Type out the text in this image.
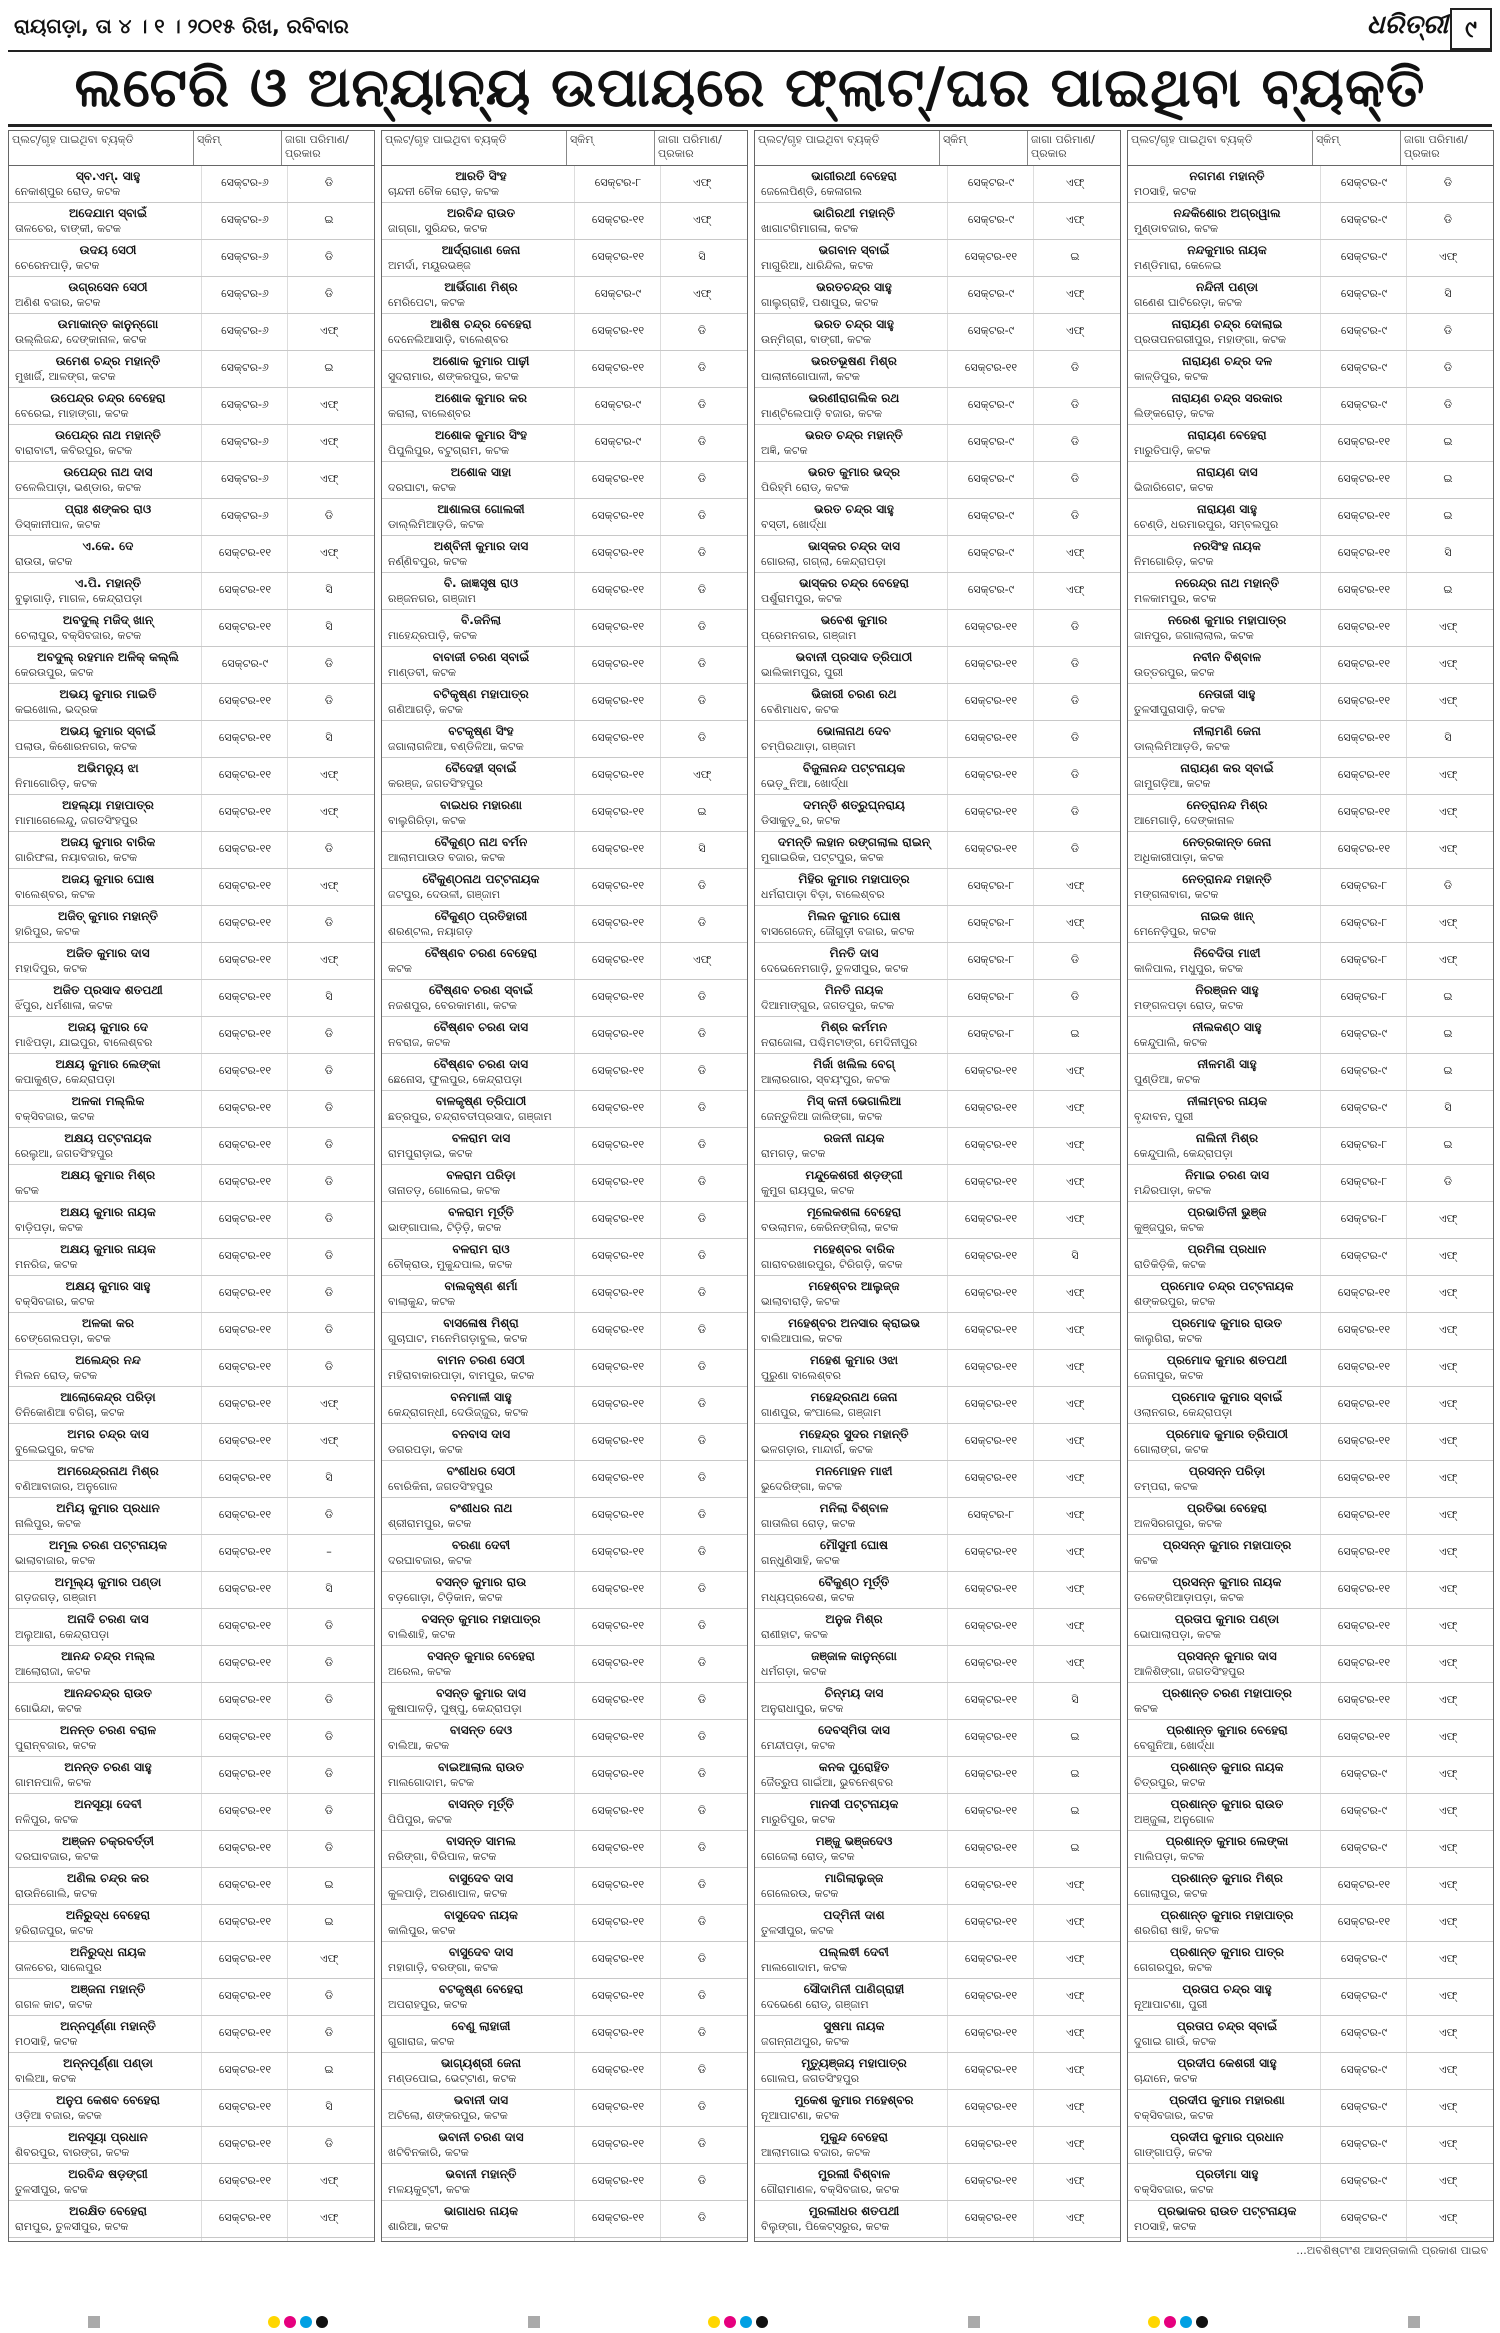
ରାୟଗଡ଼ା, ତା ୪ । ୧ । ୨୦୧୫ ରିଖ, ରବିବାର	ଧରିତ୍ରୀ ୯
ଲଟେରି ଓ ଅନ୍ୟାନ୍ୟ ଉପାୟରେ ଫ୍ଲାଟ୍/ଘର ପାଇଥିବା ବ୍ୟକ୍ତି
ପ୍ଲଟ୍/ଗୃହ ପାଇଥିବା ବ୍ୟକ୍ତି	ସ୍କିମ୍	ଜାଗା ପରିମାଣ/ ପ୍ରକାର
ସ୍ବ.ଏମ୍. ସାହୁ
ନେକାଶ୍‌ପୁର ରୋଡ୍, କଟକ
ସେକ୍ଟର-୬	ଡି
ଅଦେଯାମ ସ୍ବାଇଁ
ତାଳଚେର, ବାଙ୍କୀ, କଟକ
ସେକ୍ଟର-୬	ଇ
ଉଦୟ ସେଠୀ
ଚେରେନପାଡ଼ି, କଟକ
ସେକ୍ଟର-୬	ଡି
ଉଗ୍ରସେନ ସେଠୀ
ଅଣିଶ ବଜାର, କଟକ
ସେକ୍ଟର-୬	ଡି
ଉମାକାନ୍ତ କାନୁନ୍‌ଗୋ
ଉଲ୍ଲିଜନ୍ଦ, ଦେଙ୍କାନାଳ, କଟକ
ସେକ୍ଟର-୬	ଏଫ୍
ଉମେଶ ଚନ୍ଦ୍ର ମହାନ୍ତି
ମୁଖାର୍ଜି, ଆଳଙ୍ଗ, କଟକ
ସେକ୍ଟର-୬	ଇ
ଉପେନ୍ଦ୍ର ଚନ୍ଦ୍ର ବେହେରା
ବେରେଇ, ମାହାଙ୍ଗା, କଟକ
ସେକ୍ଟର-୬	ଏଫ୍
ଉପେନ୍ଦ୍ର ନାଥ ମହାନ୍ତି
ବାରାବାଟୀ, କବିରପୁର, କଟକ
ସେକ୍ଟର-୬	ଏଫ୍
ଉପେନ୍ଦ୍ର ନାଥ ଦାସ
ତଳେଲିପାଡ଼ା, ଭଣ୍ଡାର, କଟକ
ସେକ୍ଟର-୬	ଏଫ୍
ପ୍ରାଃ ଶଙ୍କର ରାଓ
ଡିସ୍କାନୀପାଳ, କଟକ
ସେକ୍ଟର-୬	ଡି
ଏ.କେ. ଦେ
ରାଉତା, କଟକ
ସେକ୍ଟର-୧୧	ଏଫ୍
ଏ.ପି. ମହାନ୍ତି
ବୁଢ଼ାଗାଡ଼ି, ମାଗଳ, କେନ୍ଦ୍ରାପଡ଼ା
ସେକ୍ଟର-୧୧	ସି
ଅବଦୁଲ୍ ମଜିଦ୍ ଖାନ୍
ଚେଲାପୁର, ବକ୍ସିବଜାର, କଟକ
ସେକ୍ଟର-୧୧	ସି
ଅବଦୁଲ୍ ରହମାନ ଅଳିକ୍ କଲ୍ଲି
କେରଉପୁର, କଟକ
ସେକ୍ଟର-୯	ଡି
ଅଭୟ କୁମାର ମାଇତି
କଇଖୋଲ, ଭଦ୍ରକ
ସେକ୍ଟର-୧୧	ଡି
ଅଭୟ କୁମାର ସ୍ବାଇଁ
ପଲାଉ, କିଶୋରନଗର, କଟକ
ସେକ୍ଟର-୧୧	ସି
ଅଭିମନ୍ୟୁ ଝା
ନିମାଗୋରିଡ଼, କଟକ
ସେକ୍ଟର-୧୧	ଏଫ୍
ଅହଲ୍ୟା ମହାପାତ୍ର
ମାମାଗେଲେନ୍ଦୁ, ଜଗତସିଂହପୁର
ସେକ୍ଟର-୧୧	ଏଫ୍
ଅଜୟ କୁମାର ବାରିକ
ଗାରିଫଳା, ନୟାବଜାର, କଟକ
ସେକ୍ଟର-୧୧	ଡି
ଅଜୟ କୁମାର ଘୋଷ
ବାଲେଶ୍ବର, କଟକ
ସେକ୍ଟର-୧୧	ଏଫ୍
ଅଜିତ୍ କୁମାର ମହାନ୍ତି
ହାରିପୁର, କଟକ
ସେକ୍ଟର-୧୧	ଡି
ଅଜିତ କୁମାର ଦାସ
ମହାଦିପୁର, କଟକ
ସେକ୍ଟର-୧୧	ଏଫ୍
ଅଜିତ ପ୍ରସାଦ ଶତପଥୀ
ଝିଁପୁର, ଧର୍ମଶାଳା, କଟକ
ସେକ୍ଟର-୧୧	ସି
ଅଜୟ କୁମାର ଦେ
ମାଝିପଡ଼ା, ଯାଇପୁର, ବାଲେଶ୍ବର
ସେକ୍ଟର-୧୧	ଡି
ଅକ୍ଷୟ କୁମାର ଲେଙ୍କା
କପାକୁଣ୍ଡ, କେନ୍ଦ୍ରାପଡ଼ା
ସେକ୍ଟର-୧୧	ଡି
ଅଳକା ମଲ୍ଲିକ
ବକ୍ସିବଜାର, କଟକ
ସେକ୍ଟର-୧୧	ଡି
ଅକ୍ଷୟ ପଟ୍ଟନାୟକ
ରେଲୁଆ, ଜଗତସିଂହପୁର
ସେକ୍ଟର-୧୧	ଡି
ଅକ୍ଷୟ କୁମାର ମିଶ୍ର
କଟକ
ସେକ୍ଟର-୧୧	ଡି
ଅକ୍ଷୟ କୁମାର ନାୟକ
ବାଡ଼ିପଡ଼ା, କଟକ
ସେକ୍ଟର-୧୧	ଡି
ଅକ୍ଷୟ କୁମାର ନାୟକ
ମନରିଜ, କଟକ
ସେକ୍ଟର-୧୧	ଡି
ଅକ୍ଷୟ କୁମାର ସାହୁ
ବକ୍ସିବଜାର, କଟକ
ସେକ୍ଟର-୧୧	ଡି
ଅଳକା କର
ଚେଙ୍ଗେଲପଡ଼ା, କଟକ
ସେକ୍ଟର-୧୧	ଡି
ଅଲେନ୍ଦ୍ର ନନ୍ଦ
ମିଲନ ରୋଡ୍, କଟକ
ସେକ୍ଟର-୧୧	ଡି
ଆଲୋକେନ୍ଦ୍ର ପରିଡ଼ା
ତିନିକୋଣିଆ ବଗିଚା, କଟକ
ସେକ୍ଟର-୧୧	ଏଫ୍
ଅମର ଚନ୍ଦ୍ର ଦାସ
ବୁଲେଇପୁର, କଟକ
ସେକ୍ଟର-୧୧	ଏଫ୍
ଅମରେନ୍ଦ୍ରନାଥ ମିଶ୍ର
ବଣିଆବାଜାର, ଅନୁଗୋଳ
ସେକ୍ଟର-୧୧	ସି
ଅମିୟ କୁମାର ପ୍ରଧାନ
ନାଲିପୁର, କଟକ
ସେକ୍ଟର-୧୧	ଡି
ଅମୂଲ ଚରଣ ପଟ୍ଟନାୟକ
ଭାଲାବାଜାର, କଟକ
ସେକ୍ଟର-୧୧	–
ଅମୂଲ୍ୟ କୁମାର ପଣ୍ଡା
ଗଡ଼ଜଗଡ଼, ଗଞ୍ଜାମ
ସେକ୍ଟର-୧୧	ସି
ଅନାଦି ଚରଣ ଦାସ
ଅଲୁଆରା, କେନ୍ଦ୍ରାପଡ଼ା
ସେକ୍ଟର-୧୧	ଡି
ଆନନ୍ଦ ଚନ୍ଦ୍ର ମଲ୍ଲ
ଆଲୋରାଜା, କଟକ
ସେକ୍ଟର-୧୧	ଡି
ଆନନ୍ଦଚନ୍ଦ୍ର ରାଉତ
ଗୋଭିନ୍ଦା, କଟକ
ସେକ୍ଟର-୧୧	ଡି
ଅନନ୍ତ ଚରଣ ବରାଳ
ପୁରାନ୍‌ବଜାର, କଟକ
ସେକ୍ଟର-୧୧	ଡି
ଅନନ୍ତ ଚରଣ ସାହୁ
ଗାମନପାଳି, କଟକ
ସେକ୍ଟର-୧୧	ଡି
ଅନସୂୟା ଦେବୀ
ନଳିପୁର, କଟକ
ସେକ୍ଟର-୧୧	ଡି
ଅଞ୍ଜନ ଚକ୍ରବର୍ତ୍ତୀ
ଦରଘାବଜାର, କଟକ
ସେକ୍ଟର-୧୧	ଡି
ଅଣିଲ ଚନ୍ଦ୍ର କର
ରାଉନିଗୋଲି, କଟକ
ସେକ୍ଟର-୧୧	ଇ
ଅନିରୁଦ୍ଧ ବେହେରା
ହରିରାଜପୁର, କଟକ
ସେକ୍ଟର-୧୧	ଇ
ଅନିରୁଦ୍ଧ ନାୟକ
ତାଳଚେର, ସାଲେପୁର
ସେକ୍ଟର-୧୧	ଏଫ୍
ଅଞ୍ଜନା ମହାନ୍ତି
ଗଗଳ କାଟ, କଟକ
ସେକ୍ଟର-୧୧	ଡି
ଅନ୍ନପୂର୍ଣ୍ଣା ମହାନ୍ତି
ମଠସାହି, କଟକ
ସେକ୍ଟର-୧୧	ଡି
ଅନ୍ନପୂର୍ଣ୍ଣା ପଣ୍ଡା
ବାଲିଆ, କଟକ
ସେକ୍ଟର-୧୧	ଇ
ଅନୁପ କେଶବ ବେହେରା
ଓଡ଼ିଆ ବଜାର, କଟକ
ସେକ୍ଟର-୧୧	ସି
ଅନସୂୟା ପ୍ରଧାନ
ଶିବରପୁର, ବାରଙ୍ଗ, କଟକ
ସେକ୍ଟର-୧୧	ଡି
ଅରବିନ୍ଦ ଷଡ଼ଙ୍ଗୀ
ତୁଳସୀପୁର, କଟକ
ସେକ୍ଟର-୧୧	ଏଫ୍
ଅରକ୍ଷିତ ବେହେରା
ରାମପୁର, ତୁଳସୀପୁର, କଟକ
ସେକ୍ଟର-୧୧	ଏଫ୍
ପ୍ଲଟ୍/ଗୃହ ପାଇଥିବା ବ୍ୟକ୍ତି	ସ୍କିମ୍	ଜାଗା ପରିମାଣ/ ପ୍ରକାର
ଆରତି ସିଂହ
ଚାନ୍ଦନୀ ଚୌକ ରୋଡ଼, କଟକ
ସେକ୍ଟର-୮	ଏଫ୍
ଅରବିନ୍ଦ ରାଉତ
ଜାଗ୍ଗା, ସୁରିନ୍ଦର, କଟକ
ସେକ୍ଟର-୧୧	ଏଫ୍
ଆର୍ଦ୍ରାଗାଣ ଜେନା
ଅମର୍ଦା, ମୟୂରଭଞ୍ଜ
ସେକ୍ଟର-୧୧	ସି
ଆର୍ଭିଗାଣ ମିଶ୍ର
ମେରିପେଟା, କଟକ
ସେକ୍ଟର-୯	ଏଫ୍
ଆଶିଷ ଚନ୍ଦ୍ର ବେହେରା
ଦେନେଲିଆସାଡ଼ି, ବାଲେଶ୍ବର
ସେକ୍ଟର-୧୧	ଡି
ଅଶୋକ କୁମାର ପାଢ଼ୀ
ସୁଦରାମାର, ଶଙ୍କରପୁର, କଟକ
ସେକ୍ଟର-୧୧	ଡି
ଅଶୋକ କୁମାର କର
କରାଲା, ବାଲେଶ୍ବର
ସେକ୍ଟର-୯	ଡି
ଅଶୋକ କୁମାର ସିଂହ
ପିପୁଲିପୁର, ବଟୁଗ୍ରାମ, କଟକ
ସେକ୍ଟର-୯	ଡି
ଅଶୋକ ସାହା
ଦରଘାଟା, କଟକ
ସେକ୍ଟର-୧୧	ଡି
ଆଶାଲତା ଗୋଲକୀ
ଡାଲ୍ଲିମିଆଡ଼ଡି, କଟକ
ସେକ୍ଟର-୧୧	ଡି
ଅଶ୍ବିନୀ କୁମାର ଦାସ
ନର୍ଣ୍ଣିବପୁର, କଟକ
ସେକ୍ଟର-୧୧	ଡି
ବି. ଜାଜ୍ଞସୃଷ ରାଓ
ରଞ୍ଜନଗର, ଗଞ୍ଜାମ
ସେକ୍ଟର-୧୧	ଡି
ବି.ଜନିଲା
ମାହେନ୍ଦ୍ରପାଡ଼ି, କଟକ
ସେକ୍ଟର-୧୧	ଡି
ବାବାଜୀ ଚରଣ ସ୍ବାଇଁ
ମାଣ୍ଡବୀ, କଟକ
ସେକ୍ଟର-୧୧	ଡି
ବଟିକୃଷ୍ଣ ମହାପାତ୍ର
ଗଣିଆଗଡ଼ି, କଟକ
ସେକ୍ଟର-୧୧	ଡି
ବଟକୃଷ୍ଣ ସିଂହ
ଜଗାଲାଗଳିଆ, ବଣ୍ଡିଳିଆ, କଟକ
ସେକ୍ଟର-୧୧	ଡି
ବୈଦେହୀ ସ୍ବାଇଁ
କରଞ୍ଜ, ଜଗତସିଂହପୁର
ସେକ୍ଟର-୧୧	ଏଫ୍
ବାଇଧର ମହାରଣା
ବାଲୁଗିରିଡ଼ା, କଟକ
ସେକ୍ଟର-୧୧	ଇ
ବୈକୁଣ୍ଠ ନାଥ ବର୍ମନ
ଆଲାମପାଉଡ ବଜାର, କଟକ
ସେକ୍ଟର-୧୧	ସି
ବୈକୁଣ୍ଠନାଥ ପଟ୍ଟନାୟକ
ଜଟପୁର, ଦେଉଳୀ, ଗଞ୍ଜାମ
ସେକ୍ଟର-୧୧	ଡି
ବୈକୁଣ୍ଠ ପ୍ରତିହାରୀ
ଶରଣ୍ଟଲ, ନୟାଗଡ଼
ସେକ୍ଟର-୧୧	ଡି
ବୈଷ୍ଣବ ଚରଣ ବେହେରା
କଟକ
ସେକ୍ଟର-୧୧	ଏଫ୍
ବୈଷ୍ଣବ ଚରଣ ସ୍ବାଇଁ
ନଜଶପୁର, ବେରକାମଣା, କଟକ
ସେକ୍ଟର-୧୧	ଡି
ବୈଷ୍ଣବ ଚରଣ ଦାସ
ନବରାଜ, କଟକ
ସେକ୍ଟର-୧୧	ଡି
ବୈଷ୍ଣବ ଚରଣ ଦାସ
ଛେନୋସ, ଫୁଲପୁର, କେନ୍ଦ୍ରାପଡ଼ା
ସେକ୍ଟର-୧୧	ଡି
ବାଳକୃଷ୍ଣ ତ୍ରିପାଠୀ
ଛତ୍ରପୁର, ଚନ୍ଦ୍ରାବତୀପ୍ରସାଦ, ଗଞ୍ଜାମ
ସେକ୍ଟର-୧୧	ଡି
ବଳରାମ ଦାସ
ରାମପୁରାଡ଼ାଇ, କଟକ
ସେକ୍ଟର-୧୧	ଡି
ବଳରାମ ପରିଡ଼ା
ତାନାତଡ଼, ଗୋଲେଇ, କଟକ
ସେକ୍ଟର-୧୧	ଡି
ବଳରାମ ମୂର୍ତ୍ତି
ଭାଙ୍ଗାପାଲ, ଟିଡ଼ିଡ଼ି, କଟକ
ସେକ୍ଟର-୧୧	ଡି
ବଳରାମ ରାଓ
ଚୌକ୍ରାଉ, ମୁକୁନ୍ଦପାଲ, କଟକ
ସେକ୍ଟର-୧୧	ଡି
ବାଲକୃଷ୍ଣ ଶର୍ମା
ବାଲାକୁନ୍ଦ, କଟକ
ସେକ୍ଟର-୧୧	ଡି
ବାସଳୋଷ ମିଶ୍ରା
ଗୁଚାଘାଟ, ମନେମିଗଡ଼ାବୁଲ, କଟକ
ସେକ୍ଟର-୧୧	ଡି
ବାମନ ଚରଣ ସେଠୀ
ମହିରାବାକାରପାଡ଼ା, ବାମପୁର, କଟକ
ସେକ୍ଟର-୧୧	ଡି
ବନମାଳୀ ସାହୁ
କେନ୍ଦ୍ରାଗନ୍ଧୀ, ଦେଉିଜ୍ଜୁର, କଟକ
ସେକ୍ଟର-୧୧	ଡି
ବନବାସ ଦାସ
ଡଗରପଡ଼ା, କଟକ
ସେକ୍ଟର-୧୧	ଡି
ବଂଶୀଧର ସେଠୀ
ବୋରିକିନା, ଜଗତସିଂହପୁର
ସେକ୍ଟର-୧୧	ଡି
ବଂଶୀଧର ନାଥ
ଶ୍ରୀରାମପୁର, କଟକ
ସେକ୍ଟର-୧୧	ଡି
ବରଣା ଦେବୀ
ଦରଘାବଜାର, କଟକ
ସେକ୍ଟର-୧୧	ଡି
ବସନ୍ତ କୁମାର ରାଉ
ବଡ଼ଗୋଡ଼ା, ଟିଡ଼ିକାନ, କଟକ
ସେକ୍ଟର-୧୧	ଡି
ବସନ୍ତ କୁମାର ମହାପାତ୍ର
ବାଲିଶାହି, କଟକ
ସେକ୍ଟର-୧୧	ଡି
ବସନ୍ତ କୁମାର ବେହେରା
ଅରେଲ, କଟକ
ସେକ୍ଟର-୧୧	ଡି
ବସନ୍ତ କୁମାର ଦାସ
କୁଷାପାଳଡ଼ି, ପୁଷ୍ପୁ, କେନ୍ଦ୍ରାପଡ଼ା
ସେକ୍ଟର-୧୧	ଡି
ବାସନ୍ତ ଦେଓ
ବାଲିଆ, କଟକ
ସେକ୍ଟର-୧୧	ଡି
ବାଇଆଲାଲ ରାଉତ
ମାଲଗୋଦାମ, କଟକ
ସେକ୍ଟର-୧୧	ଡି
ବାସନ୍ତ ମୂର୍ତ୍ତି
ପିପିପୁର, କଟକ
ସେକ୍ଟର-୧୧	ଡି
ବାସନ୍ତ ସାମଲ
ନରିଙ୍ଗା, ବିରିପାଳ, କଟକ
ସେକ୍ଟର-୧୧	ଡି
ବାସୁଦେବ ଦାସ
କୁଳପାଡ଼ି, ଅରଣାପାଳ, କଟକ
ସେକ୍ଟର-୧୧	ଡି
ବାସୁଦେବ ନାୟକ
କାଲିପୁର, କଟକ
ସେକ୍ଟର-୧୧	ଡି
ବାସୁଦେବ ଦାସ
ମହାଗାଡ଼ି, ବରଙ୍ଗା, କଟକ
ସେକ୍ଟର-୧୧	ଡି
ବଟକୃଷ୍ଣ ବେହେରା
ଅପରାହପୁର, କଟକ
ସେକ୍ଟର-୧୧	ଡି
ବେଣୁ ଲାହାଜୀ
ଗୁଗାରାଜ, କଟକ
ସେକ୍ଟର-୧୧	ଡି
ଭାଗ୍ୟଶ୍ରୀ ଜେନା
ମଣ୍ଡପୋଇ, ଭେଟ୍ଟାଣ, କଟକ
ସେକ୍ଟର-୧୧	ଡି
ଭବାନୀ ଦାସ
ଅଟିଲୋ, ଶଙ୍କରପୁର, କଟକ
ସେକ୍ଟର-୧୧	ଡି
ଭବାନୀ ଚରଣ ଦାସ
ଖଟିବିନକାରି, କଟକ
ସେକ୍ଟର-୧୧	ଡି
ଭବାନୀ ମହାନ୍ତି
ମଳୟକୁଟ୍ଟୀ, କଟକ
ସେକ୍ଟର-୧୧	ଡି
ଭାଗାଧର ନାୟକ
ଶାରିଆ, କଟକ
ସେକ୍ଟର-୧୧	ଡି
ପ୍ଲଟ୍/ଗୃହ ପାଇଥିବା ବ୍ୟକ୍ତି	ସ୍କିମ୍	ଜାଗା ପରିମାଣ/ ପ୍ରକାର
ଭାଗୀରଥୀ ବେହେରା
ଜେଲେପିଣ୍ଡି, କେଳାଗଲ
ସେକ୍ଟର-୯	ଏଫ୍
ଭାଗିରଥୀ ମହାନ୍ତି
ଖାଗାଟଗିମାଗଳା, କଟକ
ସେକ୍ଟର-୯	ଏଫ୍
ଭଗବାନ ସ୍ବାଇଁ
ମାଗୁରିଆ, ଧାରିନ୍ଦିଲ, କଟକ
ସେକ୍ଟର-୧୧	ଇ
ଭରତଚନ୍ଦ୍ର ସାହୁ
ଗାଲୁଗ୍ରାହି, ପଶାପୁର, କଟକ
ସେକ୍ଟର-୯	ଏଫ୍
ଭରତ ଚନ୍ଦ୍ର ସାହୁ
ଉନ୍ମିଗ୍ରା, ବାଙ୍ଗୀ, କଟକ
ସେକ୍ଟର-୯	ଏଫ୍
ଭରତଭୂଷଣ ମିଶ୍ର
ପାଲାନୀଗୋପାଳୀ, କଟକ
ସେକ୍ଟର-୧୧	ଡି
ଭରଣୀରାଗଲିକ ରଥ
ମାଣ୍ଟିଲେପାଡ଼ି ବଜାର, କଟକ
ସେକ୍ଟର-୯	ଡି
ଭରତ ଚନ୍ଦ୍ର ମହାନ୍ତି
ଅଜ୍ଞି, କଟକ
ସେକ୍ଟର-୯	ଡି
ଭରତ କୁମାର ଭଦ୍ର
ପିରିହ୍ମି ରୋଡ୍, କଟକ
ସେକ୍ଟର-୯	ଡି
ଭରତ ଚନ୍ଦ୍ର ସାହୁ
ବସ୍ତୀ, ଖୋର୍ଦ୍ଧା
ସେକ୍ଟର-୯	ଡି
ଭାସ୍କର ଚନ୍ଦ୍ର ଦାସ
ଗୋରଲା, ଗଗ୍ଲା, କେନ୍ଦ୍ରାପଡ଼ା
ସେକ୍ଟର-୯	ଏଫ୍
ଭାସ୍କର ଚନ୍ଦ୍ର ବେହେରା
ପର୍ଶୁରାମପୁର, କଟକ
ସେକ୍ଟର-୯	ଏଫ୍
ଭବେଶ କୁମାର
ପ୍ରେମନଗର, ଗଞ୍ଜାମ
ସେକ୍ଟର-୧୧	ଡି
ଭବାନୀ ପ୍ରସାଦ ତ୍ରିପାଠୀ
ଭାଲିକାମପୁର, ପୁରୀ
ସେକ୍ଟର-୧୧	ଡି
ଭିଜାରୀ ଚରଣ ରଥ
ବେଣିମାଧବ, କଟକ
ସେକ୍ଟର-୧୧	ଡି
ଭୋଳାନାଥ ଦେବ
ଚମ୍ପିରଥାଡ଼ା, ଗଞ୍ଜାମ
ସେକ୍ଟର-୧୧	ଡି
ବିଜୁଳାନନ୍ଦ ପଟ୍ଟନାୟକ
ଭେଡ଼ୁନିଆ, ଖୋର୍ଦ୍ଧା
ସେକ୍ଟର-୧୧	ଡି
ଦମନ୍ତି ଶତ୍ରୁଘ୍ନରାୟ
ଡିସାକୁଡ଼ୁର, କଟକ
ସେକ୍ଟର-୧୧	ଡି
ଦମନ୍ତି ଲହାନ ରଙ୍ଗଲାଲ ରାଇନ୍
ମୁଗାଇରିକ, ପଟ୍ଟପୁର, କଟକ
ସେକ୍ଟର-୧୧	ଡି
ମିହିର କୁମାର ମହାପାତ୍ର
ଧର୍ମରାପାଡ଼ା ବିଡ଼ା, ବାଲେଶ୍ବର
ସେକ୍ଟର-୮	ଏଫ୍
ମିଲନ କୁମାର ଘୋଷ
ବାସଗେଜେନ୍‌, ଜୌଗୁଡ଼ୀ ବଜାର, କଟକ
ସେକ୍ଟର-୮	ଏଫ୍
ମିନତି ଦାସ
ଦେଭେନେମଗାଡ଼ି, ତୁଳସୀପୁର, କଟକ
ସେକ୍ଟର-୮	ଡି
ମିନତି ନାୟକ
ଦିଆମାଙ୍ଗୁର, ଜଗତପୁର, କଟକ
ସେକ୍ଟର-୮	ଡି
ମିଶ୍ର କର୍ମମନ
ନରାଜୋଳା, ପଶ୍ଚିମଟାଙ୍ଗ, ମେଦିନୀପୁର
ସେକ୍ଟର-୮	ଇ
ମିର୍ଜା ଖଲିଲ ବେଗ୍
ଆଲାରଗାର, ସ୍ବୟଂପୁର, କଟକ
ସେକ୍ଟର-୧୧	ଏଫ୍
ମିସ୍ କନୀ ଭେଗାଲିଆ
ଜେନ୍ତୁଳିଆ ଜାଲିଙ୍ଗା, କଟକ
ସେକ୍ଟର-୧୧	ଏଫ୍
ରଜନୀ ନାୟକ
ରାମଗଡ଼, କଟକ
ସେକ୍ଟର-୧୧	ଏଫ୍
ମନ୍ଦୁକେଶରୀ ଶଡ଼ଙ୍ଗୀ
କୁମୁଗ ରାୟପୁର, କଟକ
ସେକ୍ଟର-୧୧	ଏଫ୍
ମୂଲେକଶଳା ବେହେରା
ବଉଲାମଳ, କେରିନଙ୍ଗିଲା, କଟକ
ସେକ୍ଟର-୧୧	ଏଫ୍
ମହେଶ୍ବର ବାରିକ
ଗାରାବରଖାରପୁର, ଟିରିଗଡ଼ି, କଟକ
ସେକ୍ଟର-୧୧	ସି
ମହେଶ୍ବର ଆଲୁଜ୍ଜ
ଭାଲାବାରାଡ଼ି, କଟକ
ସେକ୍ଟର-୧୧	ଏଫ୍
ମହେଶ୍ବର ଅନସାର କ୍ରାଇଭ
ବାଲିଆପାଲ, କଟକ
ସେକ୍ଟର-୧୧	ଏଫ୍
ମହେଶ କୁମାର ଓଝା
ପୁରୁଣା ବାଲେଶ୍ବର
ସେକ୍ଟର-୧୧	ଏଫ୍
ମହେନ୍ଦ୍ରନାଥ ଜେନା
ଗାଣପୁର, କଂପାଲେ, ଗଞ୍ଜାମ
ସେକ୍ଟର-୧୧	ଏଫ୍
ମହେନ୍ଦ୍ର ସୁଦର ମହାନ୍ତି
ଭଳଗଡ଼ାର, ମାନ୍ଦାର୍ଗ, କଟକ
ସେକ୍ଟର-୧୧	ଏଫ୍
ମନମୋହନ ମାଝୀ
ଭୁଦେରିଙ୍ଗା, କଟକ
ସେକ୍ଟର-୧୧	ଏଫ୍
ମନିଲା ବିଶ୍ବାଳ
ଗାତାଲିଗ ରୋଡ଼, କଟକ
ସେକ୍ଟର-୮	ଏଫ୍
ମୌସୁମୀ ଘୋଷ
ଗନ୍ଧୁଣିସାହି, କଟକ
ସେକ୍ଟର-୧୧	ଏଫ୍
ବୈକୁଣ୍ଠ ମୂର୍ତ୍ତି
ମଧ୍ୟପ୍ରଦେଶ, କଟକ
ସେକ୍ଟର-୧୧	ଏଫ୍
ଅନୁଜ ମିଶ୍ର
ରାଣୀହାଟ, କଟକ
ସେକ୍ଟର-୧୧	ଏଫ୍
ଜଞ୍ଜାଳ କାନୁନ୍‌ଗୋ
ଧର୍ମଗଡ଼ା, କଟକ
ସେକ୍ଟର-୧୧	ଏଫ୍
ଚିନ୍ମୟ ଦାସ
ଅନୁରାଧାପୁର, କଟକ
ସେକ୍ଟର-୧୧	ସି
ଦେବସ୍ମିତା ଦାସ
ମେନ୍ଦୀପଡ଼ା, କଟକ
ସେକ୍ଟର-୧୧	ଇ
କନକ ପୁରୋହିତ
ଜୈତ୍ରୁପ ଗାଇଁଆ, ଭୁବନେଶ୍ବର
ସେକ୍ଟର-୧୧	ଇ
ମାନସୀ ପଟ୍ଟନାୟକ
ମାରୁତିପୁର, କଟକ
ସେକ୍ଟର-୧୧	ଇ
ମଞ୍ଜୁ ଭଞ୍ଜଦେଓ
ଗେଜେଲା ରୋଡ୍, କଟକ
ସେକ୍ଟର-୧୧	ଇ
ମାଗିଲାଲୁଜ୍ଜ
ଗେଲେରଉ, କଟକ
ସେକ୍ଟର-୧୧	ଏଫ୍
ପଦ୍ମିନୀ ଦାଶ
ତୁଳସୀପୁର, କଟକ
ସେକ୍ଟର-୧୧	ଏଫ୍
ପଲ୍ଲଵୀ ଦେବୀ
ମାଲଗୋଦାମ, କଟକ
ସେକ୍ଟର-୧୧	ଏଫ୍
ସୌଦାମିନୀ ପାଣିଗ୍ରାହୀ
ଦେଭେଣେ ରୋଡ୍, ଗଞ୍ଜାମ
ସେକ୍ଟର-୧୧	ଏଫ୍
ସୁଷମା ନାୟକ
ଜଗନ୍ନାଥପୁର, କଟକ
ସେକ୍ଟର-୧୧	ଏଫ୍
ମୃତ୍ୟୁଞ୍ଜୟ ମହାପାତ୍ର
ଗୋଲପ, ଜଗତସିଂହପୁର
ସେକ୍ଟର-୧୧	ଏଫ୍
ମୁକେଶ କୁମାର ମହେଶ୍ବର
ନୂଆପାଟଣା, କଟକ
ସେକ୍ଟର-୧୧	ଏଫ୍
ମୁକୁନ୍ଦ ବେହେରା
ଆଲାମଗାଇ ବଜାର, କଟକ
ସେକ୍ଟର-୧୧	ଏଫ୍
ମୁରଲୀ ବିଶ୍ବାଳ
ଗୌରାମାଣଳ, ବକ୍ସିବଜାର, କଟକ
ସେକ୍ଟର-୧୧	ଏଫ୍
ମୁରଲୀଧର ଶତପଥୀ
ବିଲୁଙ୍ଗା, ପିକେଟ୍ସରୁର, କଟକ
ସେକ୍ଟର-୧୧	ଏଫ୍
ପ୍ଲଟ୍/ଗୃହ ପାଇଥିବା ବ୍ୟକ୍ତି	ସ୍କିମ୍	ଜାଗା ପରିମାଣ/ ପ୍ରକାର
ନଗମଣ ମହାନ୍ତି
ମଠସାହି, କଟକ
ସେକ୍ଟର-୯	ଡି
ନନ୍ଦକିଶୋର ଅଗ୍ରୱାଲ
ମୁଣ୍ଡାବଜାର, କଟକ
ସେକ୍ଟର-୯	ଡି
ନନ୍ଦକୁମାର ନାୟକ
ମଣ୍ଡିମାରା, କେଳେଇ
ସେକ୍ଟର-୯	ଏଫ୍
ନନ୍ଦିନୀ ପଣ୍ଡା
ଗଣେଶ ଘାଟିରେଡ଼ା, କଟକ
ସେକ୍ଟର-୯	ସି
ନାରାୟଣ ଚନ୍ଦ୍ର ଦୋଲାଇ
ପ୍ରତାପନଗରୀପୁର, ମହାଙ୍ଗା, କଟକ
ସେକ୍ଟର-୯	ଡି
ନାରାୟଣ ଚନ୍ଦ୍ର ଦଳ
କାଳ୍ଡିପୁର, କଟକ
ସେକ୍ଟର-୯	ଡି
ନାରାୟଣ ଚନ୍ଦ୍ର ସରକାର
ଲିଙ୍କରୋଡ଼, କଟକ
ସେକ୍ଟର-୯	ଡି
ନାରାୟଣ ବେହେରା
ମାରୁତିପାଡ଼ି, କଟକ
ସେକ୍ଟର-୧୧	ଇ
ନାରାୟଣ ଦାସ
ଭିଜାରିଗେଟ, କଟକ
ସେକ୍ଟର-୧୧	ଇ
ନାରାୟଣ ସାହୁ
ଚେଣ୍ଡି, ଧରମାରପୁର, ସମ୍ବଲପୁର
ସେକ୍ଟର-୧୧	ଇ
ନରସିଂହ ନାୟକ
ନିମଗୋରିଡ଼, କଟକ
ସେକ୍ଟର-୧୧	ସି
ନରେନ୍ଦ୍ର ନାଥ ମହାନ୍ତି
ମଳକାମପୁର, କଟକ
ସେକ୍ଟର-୧୧	ଇ
ନରେଶ କୁମାର ମହାପାତ୍ର
ଜାନପୁର, ଜଗାଲାଲାଲ, କଟକ
ସେକ୍ଟର-୧୧	ଏଫ୍
ନବୀନ ବିଶ୍ବାଳ
ଉତ୍ତରପୁର, କଟକ
ସେକ୍ଟର-୧୧	ଏଫ୍
ନେତାଜୀ ସାହୁ
ତୁଳସୀପୁରାସାଡ଼ି, କଟକ
ସେକ୍ଟର-୧୧	ଏଫ୍
ନୀଲାମଣି ଜେନା
ଡାଲ୍ଲିମିଆଡ଼ଡି, କଟକ
ସେକ୍ଟର-୧୧	ସି
ନାରାୟଣ କର ସ୍ବାଇଁ
ଜାମୁଗଡ଼ିଆ, କଟକ
ସେକ୍ଟର-୧୧	ଏଫ୍
ନେତ୍ରାନନ୍ଦ ମିଶ୍ର
ଆମେଗାଡ଼ି, ଦେଙ୍କାନାଳ
ସେକ୍ଟର-୧୧	ଏଫ୍
ନେତ୍ରକାନ୍ତ ଜେନା
ଅଧିକାରୀପାଡ଼ା, କଟକ
ସେକ୍ଟର-୧୧	ଏଫ୍
ନେତ୍ରାନନ୍ଦ ମହାନ୍ତି
ମଙ୍ଗଳାବାଗ, କଟକ
ସେକ୍ଟର-୮	ଡି
ନାଇକ ଖାନ୍
ମେନେଡ଼ିପୁର, କଟକ
ସେକ୍ଟର-୮	ଏଫ୍
ନିବେଦିତା ମାଝୀ
କାଳିପାଲ, ମଧୁପୁର, କଟକ
ସେକ୍ଟର-୮	ଏଫ୍
ନିରଞ୍ଜନ ସାହୁ
ମଙ୍ଗଳପଡ଼ା ରୋଡ୍, କଟକ
ସେକ୍ଟର-୮	ଇ
ନୀଲକଣ୍ଠ ସାହୁ
କେନ୍ଦୁପାଲି, କଟକ
ସେକ୍ଟର-୯	ଇ
ନୀଳମଣି ସାହୁ
ପୁଣ୍ଡିଆ, କଟକ
ସେକ୍ଟର-୯	ଇ
ନୀଳାମ୍ବର ନାୟକ
ବୃନ୍ଦାବନ, ପୁରୀ
ସେକ୍ଟର-୯	ସି
ନାଲିନୀ ମିଶ୍ର
କେନ୍ଦୁପାଲି, କେନ୍ଦ୍ରାପଡ଼ା
ସେକ୍ଟର-୮	ଇ
ନିମାଇ ଚରଣ ଦାସ
ମନ୍ଦିରପାଡ଼ା, କଟକ
ସେକ୍ଟର-୮	ଡି
ପ୍ରଭାତିନୀ ଭୁଞ୍ଜ
କୁଞ୍ଜପୁର, କଟକ
ସେକ୍ଟର-୮	ଏଫ୍
ପ୍ରମିଳା ପ୍ରଧାନ
ରାତିକିଡ଼ିକି, କଟକ
ସେକ୍ଟର-୯	ଏଫ୍
ପ୍ରମୋଦ ଚନ୍ଦ୍ର ପଟ୍ଟନାୟକ
ଶଙ୍କରପୁର, କଟକ
ସେକ୍ଟର-୧୧	ଏଫ୍
ପ୍ରମୋଦ କୁମାର ରାଉତ
କାଲୁଗିରା, କଟକ
ସେକ୍ଟର-୧୧	ଏଫ୍
ପ୍ରମୋଦ କୁମାର ଶତପଥୀ
ଜେନାପୁର, କଟକ
ସେକ୍ଟର-୧୧	ଏଫ୍
ପ୍ରମୋଦ କୁମାର ସ୍ବାଇଁ
ଓଲାନଗର, କେନ୍ଦ୍ରାପଡ଼ା
ସେକ୍ଟର-୧୧	ଏଫ୍
ପ୍ରମୋଦ କୁମାର ତ୍ରିପାଠୀ
ଗୋଲାଙ୍ଗ, କଟକ
ସେକ୍ଟର-୧୧	ଏଫ୍
ପ୍ରସନ୍ନ ପରିଡ଼ା
ତମ୍ପରା, କଟକ
ସେକ୍ଟର-୧୧	ଏଫ୍
ପ୍ରତିଭା ବେହେରା
ଅଳସିରଗପୁର, କଟକ
ସେକ୍ଟର-୧୧	ଏଫ୍
ପ୍ରସନ୍ନ କୁମାର ମହାପାତ୍ର
କଟକ
ସେକ୍ଟର-୧୧	ଏଫ୍
ପ୍ରସନ୍ନ କୁମାର ନାୟକ
ତଳେଙ୍ଗିଆଡ଼ାପଡ଼ା, କଟକ
ସେକ୍ଟର-୧୧	ଏଫ୍
ପ୍ରତାପ କୁମାର ପଣ୍ଡା
ଭୋପାଲାପଡ଼ା, କଟକ
ସେକ୍ଟର-୧୧	ଏଫ୍
ପ୍ରସନ୍ନ କୁମାର ଦାସ
ଆଳିଶିଙ୍ଗା, ଜଗତସିଂହପୁର
ସେକ୍ଟର-୧୧	ଏଫ୍
ପ୍ରଶାନ୍ତ ଚରଣ ମହାପାତ୍ର
କଟକ
ସେକ୍ଟର-୧୧	ଏଫ୍
ପ୍ରଶାନ୍ତ କୁମାର ବେହେରା
ବେଗୁନିଆ, ଖୋର୍ଦ୍ଧା
ସେକ୍ଟର-୧୧	ଏଫ୍
ପ୍ରଶାନ୍ତ କୁମାର ନାୟକ
ଚିତ୍ରପୁର, କଟକ
ସେକ୍ଟର-୯	ଏଫ୍
ପ୍ରଶାନ୍ତ କୁମାର ରାଉତ
ଅଞ୍ଜୁଳା, ଅନୁଗୋଳ
ସେକ୍ଟର-୯	ଏଫ୍
ପ୍ରଶାନ୍ତ କୁମାର ଲେଙ୍କା
ମାଲିପଡ଼ା, କଟକ
ସେକ୍ଟର-୯	ଏଫ୍
ପ୍ରଶାନ୍ତ କୁମାର ମିଶ୍ର
ଗୋଲାପୁର, କଟକ
ସେକ୍ଟର-୧୧	ଏଫ୍
ପ୍ରଶାନ୍ତ କୁମାର ମହାପାତ୍ର
ଶରଗିରା ଷାହି, କଟକ
ସେକ୍ଟର-୧୧	ଏଫ୍
ପ୍ରଶାନ୍ତ କୁମାର ପାତ୍ର
ଗେଗରପୁର, କଟକ
ସେକ୍ଟର-୯	ଏଫ୍
ପ୍ରତାପ ଚନ୍ଦ୍ର ସାହୁ
ନୂଆପାଟଣା, ପୁରୀ
ସେକ୍ଟର-୯	ଏଫ୍
ପ୍ରତାପ ଚନ୍ଦ୍ର ସ୍ବାଇଁ
ଦୁଗାଇ ଗାଉଁ, କଟକ
ସେକ୍ଟର-୯	ଏଫ୍
ପ୍ରଦୀପ କେଶରୀ ସାହୁ
ଚାନ୍ଦାନେ, କଟକ
ସେକ୍ଟର-୯	ଏଫ୍
ପ୍ରଦୀପ କୁମାର ମହାରଣା
ବକ୍ସିବଜାର, କଟକ
ସେକ୍ଟର-୯	ଏଫ୍
ପ୍ରଦୀପ କୁମାର ପ୍ରଧାନ
ଗାଙ୍ଗାପଡ଼ି, କଟକ
ସେକ୍ଟର-୯	ଏଫ୍
ପ୍ରତୀମା ସାହୁ
ବକ୍ସିବଜାର, କଟକ
ସେକ୍ଟର-୯	ଏଫ୍
ପ୍ରଭାକର ରାଉତ ପଟ୍ଟନାୟକ
ମଠସାହି, କଟକ
ସେକ୍ଟର-୯	ଏଫ୍
...ଅବଶିଷ୍ଟାଂଶ ଆସନ୍ତାକାଲି ପ୍ରକାଶ ପାଇବ
